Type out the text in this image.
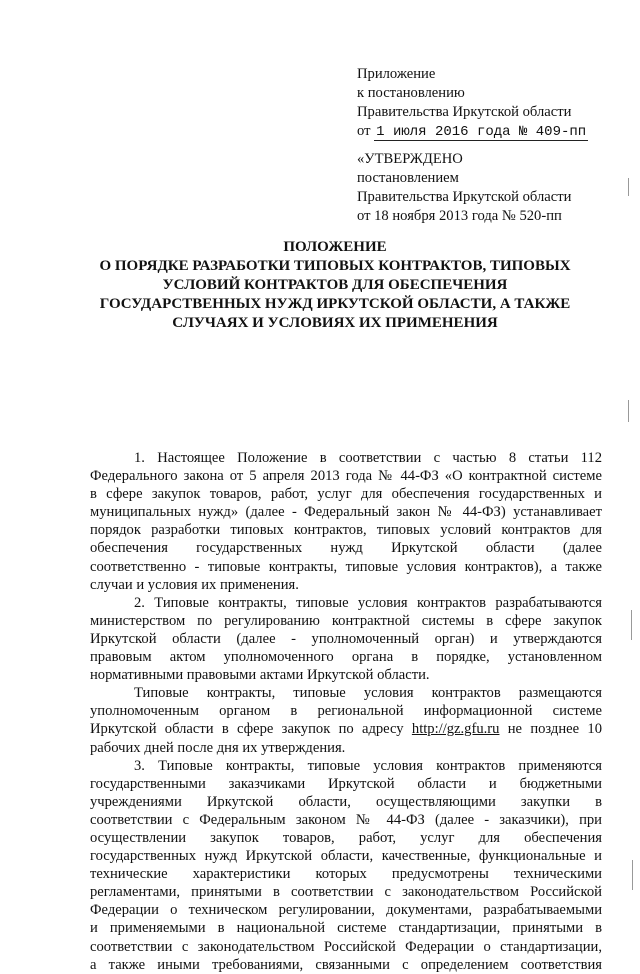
Приложение
к постановлению
Правительства Иркутской области
от 1 июля 2016 года № 409-пп
«УТВЕРЖДЕНО
постановлением
Правительства Иркутской области
от 18 ноября 2013 года № 520-пп
ПОЛОЖЕНИЕ
О ПОРЯДКЕ РАЗРАБОТКИ ТИПОВЫХ КОНТРАКТОВ, ТИПОВЫХ
УСЛОВИЙ КОНТРАКТОВ ДЛЯ ОБЕСПЕЧЕНИЯ
ГОСУДАРСТВЕННЫХ НУЖД ИРКУТСКОЙ ОБЛАСТИ, А ТАКЖЕ
СЛУЧАЯХ И УСЛОВИЯХ ИХ ПРИМЕНЕНИЯ
1. Настоящее Положение в соответствии с частью 8 статьи 112
Федерального закона от 5 апреля 2013 года № 44-ФЗ «О контрактной системе
в сфере закупок товаров, работ, услуг для обеспечения государственных и
муниципальных нужд» (далее - Федеральный закон № 44-ФЗ) устанавливает
порядок разработки типовых контрактов, типовых условий контрактов для
обеспечения государственных нужд Иркутской области (далее
соответственно - типовые контракты, типовые условия контрактов), а также
случаи и условия их применения.
2. Типовые контракты, типовые условия контрактов разрабатываются
министерством по регулированию контрактной системы в сфере закупок
Иркутской области (далее - уполномоченный орган) и утверждаются
правовым актом уполномоченного органа в порядке, установленном
нормативными правовыми актами Иркутской области.
Типовые контракты, типовые условия контрактов размещаются
уполномоченным органом в региональной информационной системе
Иркутской области в сфере закупок по адресу http://gz.gfu.ru не позднее 10
рабочих дней после дня их утверждения.
3. Типовые контракты, типовые условия контрактов применяются
государственными заказчиками Иркутской области и бюджетными
учреждениями Иркутской области, осуществляющими закупки в
соответствии с Федеральным законом № 44-ФЗ (далее - заказчики), при
осуществлении закупок товаров, работ, услуг для обеспечения
государственных нужд Иркутской области, качественные, функциональные и
технические характеристики которых предусмотрены техническими
регламентами, принятыми в соответствии с законодательством Российской
Федерации о техническом регулировании, документами, разрабатываемыми
и применяемыми в национальной системе стандартизации, принятыми в
соответствии с законодательством Российской Федерации о стандартизации,
а также иными требованиями, связанными с определением соответствия
